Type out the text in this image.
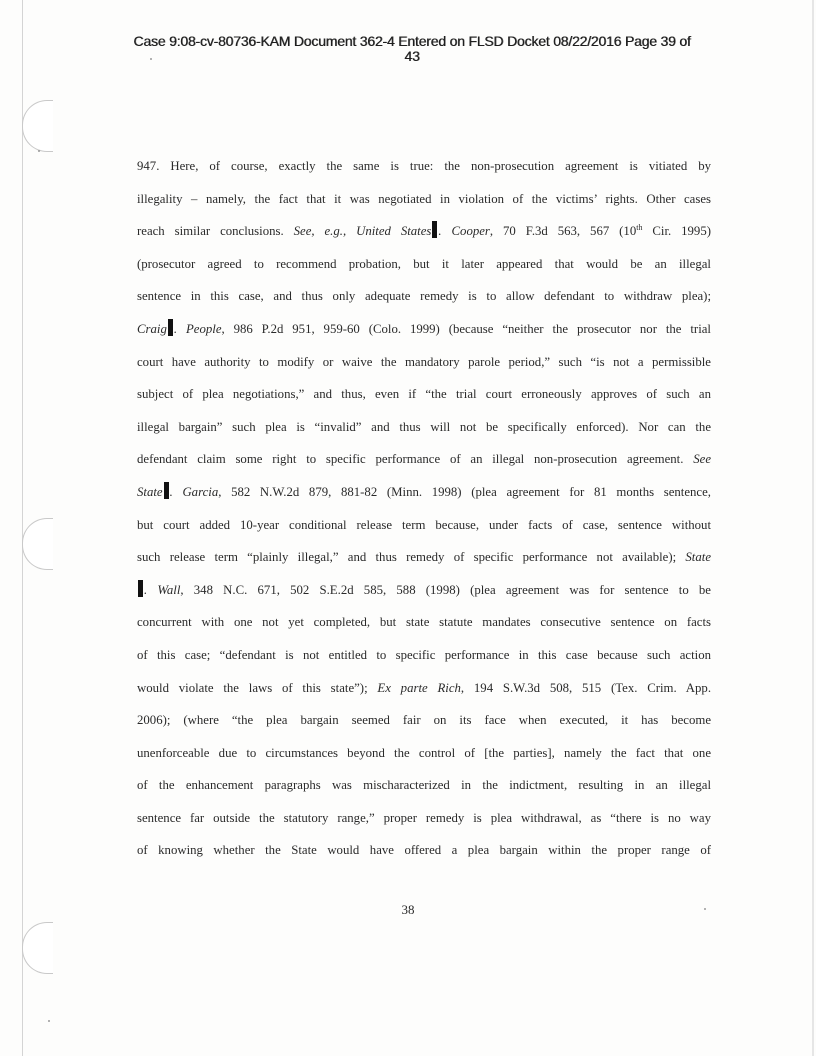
Case 9:08-cv-80736-KAM Document 362-4 Entered on FLSD Docket 08/22/2016 Page 39 of
43
947. Here, of course, exactly the same is true: the non-prosecution agreement is vitiated by
illegality – namely, the fact that it was negotiated in violation of the victims’ rights. Other cases
reach similar conclusions. See, e.g., United States . Cooper, 70 F.3d 563, 567 (10th Cir. 1995)
(prosecutor agreed to recommend probation, but it later appeared that would be an illegal
sentence in this case, and thus only adequate remedy is to allow defendant to withdraw plea);
Craig . People, 986 P.2d 951, 959-60 (Colo. 1999) (because “neither the prosecutor nor the trial
court have authority to modify or waive the mandatory parole period,” such “is not a permissible
subject of plea negotiations,” and thus, even if “the trial court erroneously approves of such an
illegal bargain” such plea is “invalid” and thus will not be specifically enforced). Nor can the
defendant claim some right to specific performance of an illegal non-prosecution agreement. See
State . Garcia, 582 N.W.2d 879, 881-82 (Minn. 1998) (plea agreement for 81 months sentence,
but court added 10-year conditional release term because, under facts of case, sentence without
such release term “plainly illegal,” and thus remedy of specific performance not available); State
. Wall, 348 N.C. 671, 502 S.E.2d 585, 588 (1998) (plea agreement was for sentence to be
concurrent with one not yet completed, but state statute mandates consecutive sentence on facts
of this case; “defendant is not entitled to specific performance in this case because such action
would violate the laws of this state”); Ex parte Rich, 194 S.W.3d 508, 515 (Tex. Crim. App.
2006); (where “the plea bargain seemed fair on its face when executed, it has become
unenforceable due to circumstances beyond the control of [the parties], namely the fact that one
of the enhancement paragraphs was mischaracterized in the indictment, resulting in an illegal
sentence far outside the statutory range,” proper remedy is plea withdrawal, as “there is no way
of knowing whether the State would have offered a plea bargain within the proper range of
38
